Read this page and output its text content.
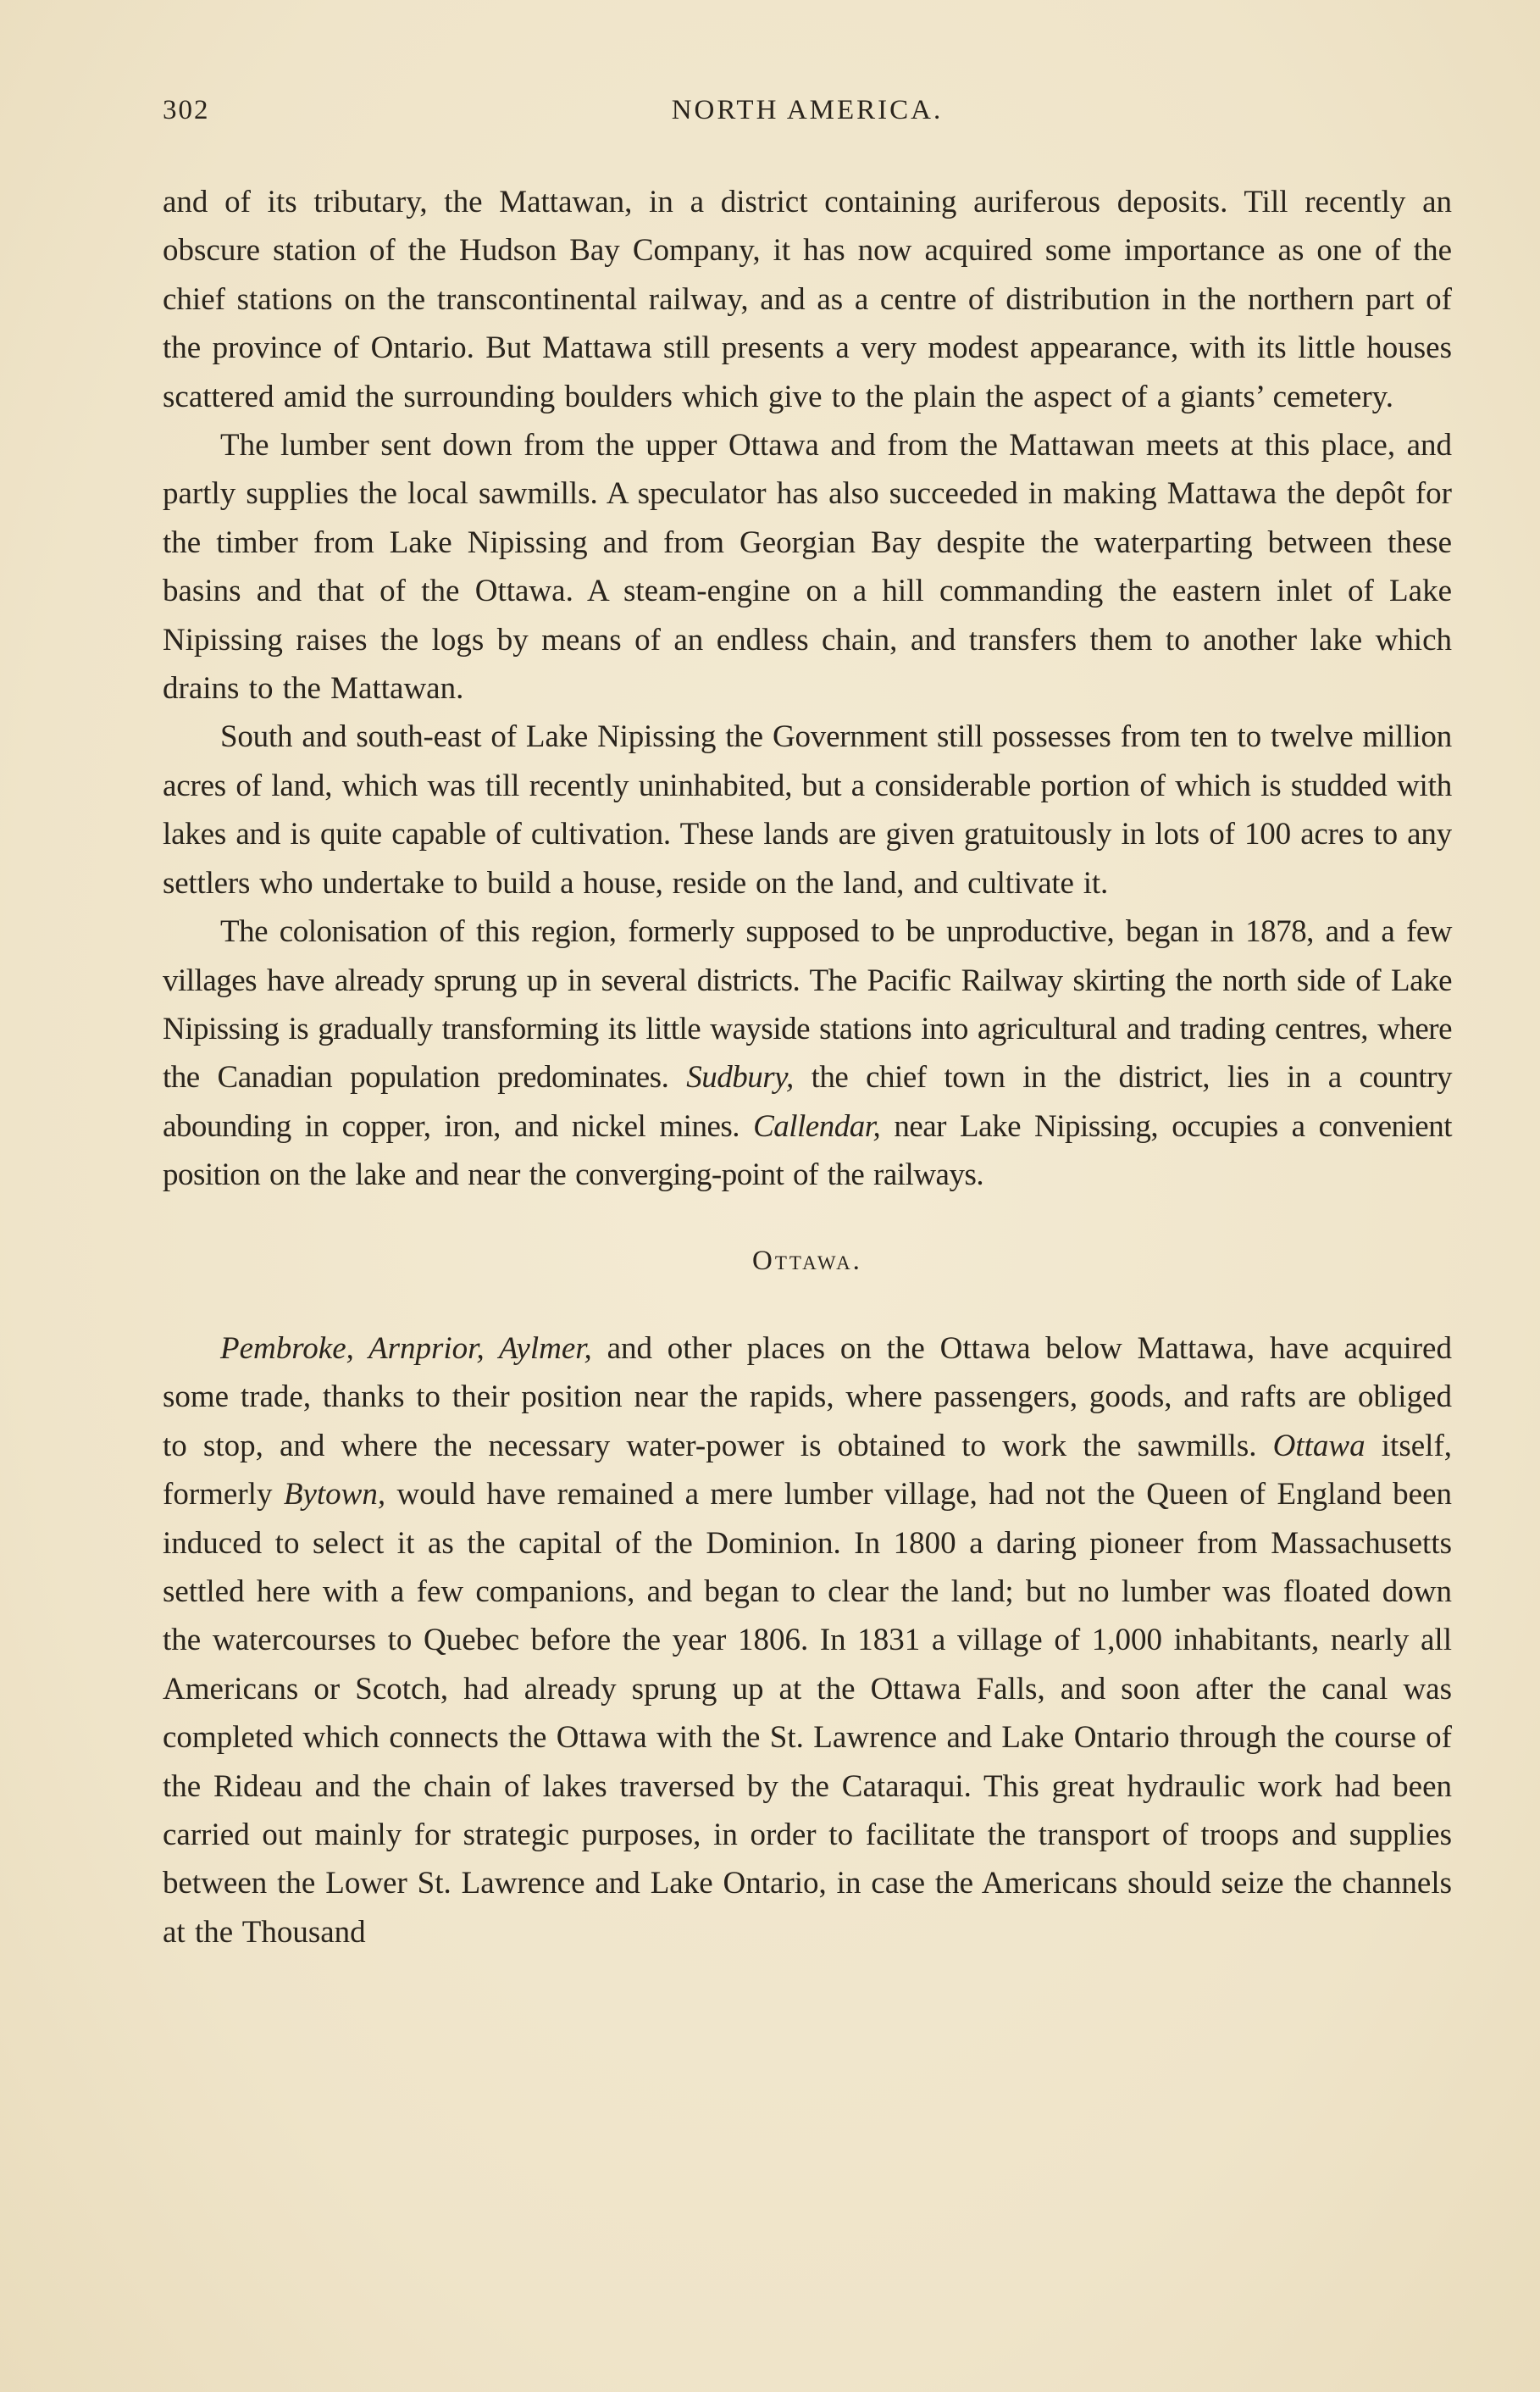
302	NORTH AMERICA.

and of its tributary, the Mattawan, in a district containing auriferous deposits. Till recently an obscure station of the Hudson Bay Company, it has now acquired some importance as one of the chief stations on the transcontinental railway, and as a centre of distribution in the northern part of the province of Ontario. But Mattawa still presents a very modest appearance, with its little houses scattered amid the surrounding boulders which give to the plain the aspect of a giants’ cemetery.

The lumber sent down from the upper Ottawa and from the Mattawan meets at this place, and partly supplies the local sawmills. A speculator has also succeeded in making Mattawa the depôt for the timber from Lake Nipissing and from Georgian Bay despite the waterparting between these basins and that of the Ottawa. A steam-engine on a hill commanding the eastern inlet of Lake Nipissing raises the logs by means of an endless chain, and transfers them to another lake which drains to the Mattawan.

South and south-east of Lake Nipissing the Government still possesses from ten to twelve million acres of land, which was till recently uninhabited, but a considerable portion of which is studded with lakes and is quite capable of cultivation. These lands are given gratuitously in lots of 100 acres to any settlers who undertake to build a house, reside on the land, and cultivate it.

The colonisation of this region, formerly supposed to be unproductive, began in 1878, and a few villages have already sprung up in several districts. The Pacific Railway skirting the north side of Lake Nipissing is gradually transforming its little wayside stations into agricultural and trading centres, where the Canadian population predominates. Sudbury, the chief town in the district, lies in a country abounding in copper, iron, and nickel mines. Callendar, near Lake Nipissing, occupies a convenient position on the lake and near the converging-point of the railways.

Ottawa.

Pembroke, Arnprior, Aylmer, and other places on the Ottawa below Mattawa, have acquired some trade, thanks to their position near the rapids, where passengers, goods, and rafts are obliged to stop, and where the necessary water-power is obtained to work the sawmills. Ottawa itself, formerly Bytown, would have remained a mere lumber village, had not the Queen of England been induced to select it as the capital of the Dominion. In 1800 a daring pioneer from Massachusetts settled here with a few companions, and began to clear the land; but no lumber was floated down the watercourses to Quebec before the year 1806. In 1831 a village of 1,000 inhabitants, nearly all Americans or Scotch, had already sprung up at the Ottawa Falls, and soon after the canal was completed which connects the Ottawa with the St. Lawrence and Lake Ontario through the course of the Rideau and the chain of lakes traversed by the Cataraqui. This great hydraulic work had been carried out mainly for strategic purposes, in order to facilitate the transport of troops and supplies between the Lower St. Lawrence and Lake Ontario, in case the Americans should seize the channels at the Thousand
